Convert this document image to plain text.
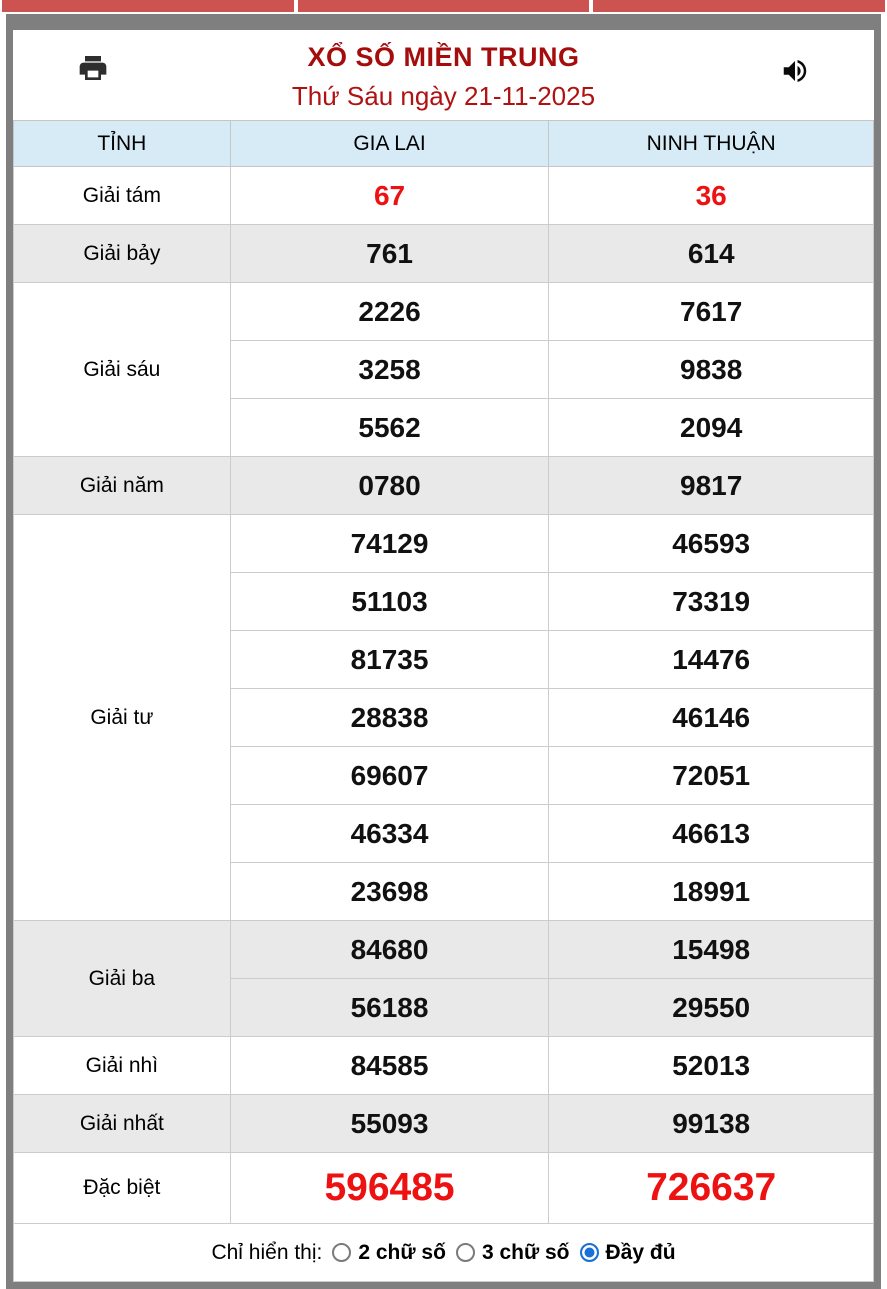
XỔ SỐ MIỀN TRUNG
Thứ Sáu ngày 21-11-2025
TỈNH	GIA LAI	NINH THUẬN
Giải tám	67	36
Giải bảy	761	614
Giải sáu	2226	7617
	3258	9838
	5562	2094
Giải năm	0780	9817
Giải tư	74129	46593
	51103	73319
	81735	14476
	28838	46146
	69607	72051
	46334	46613
	23698	18991
Giải ba	84680	15498
	56188	29550
Giải nhì	84585	52013
Giải nhất	55093	99138
Đặc biệt	596485	726637

Chỉ hiển thị: 2 chữ số 3 chữ số Đầy đủ		
